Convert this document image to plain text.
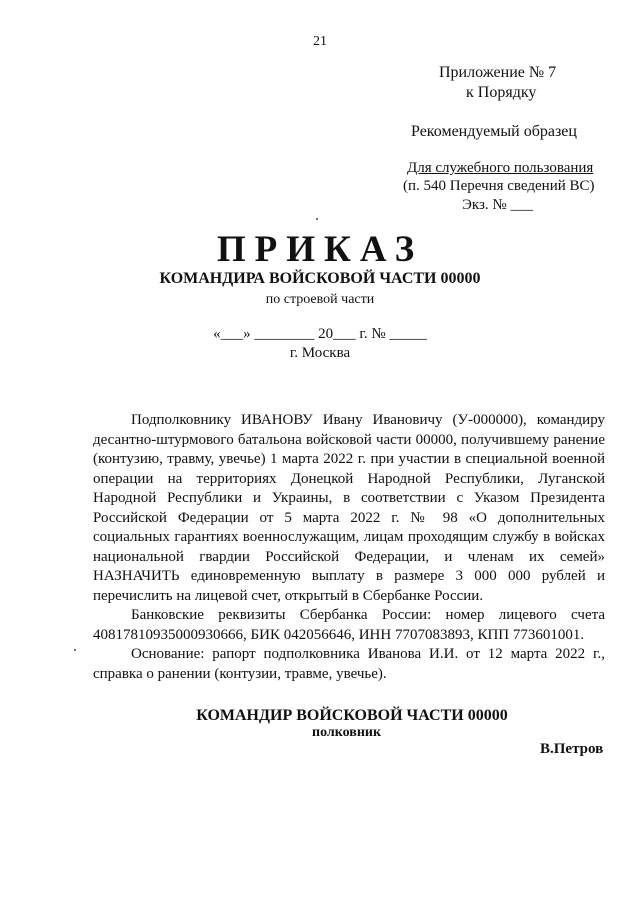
21
Приложение № 7
к Порядку
Рекомендуемый образец
Для служебного пользования
(п. 540 Перечня сведений ВС)
Экз. № ___
ПРИКАЗ
КОМАНДИРА ВОЙСКОВОЙ ЧАСТИ 00000
по строевой части
«___» ________ 20___ г. № _____
г. Москва

Подполковнику ИВАНОВУ Ивану Ивановичу (У-000000), командиру десантно-штурмового батальона войсковой части 00000, получившему ранение (контузию, травму, увечье) 1 марта 2022 г. при участии в специальной военной операции на территориях Донецкой Народной Республики, Луганской Народной Республики и Украины, в соответствии с Указом Президента Российской Федерации от 5 марта 2022 г. № 98 «О дополнительных социальных гарантиях военнослужащим, лицам проходящим службу в войсках национальной гвардии Российской Федерации, и членам их семей» НАЗНАЧИТЬ единовременную выплату в размере 3 000 000 рублей и перечислить на лицевой счет, открытый в Сбербанке России.

Банковские реквизиты Сбербанка России: номер лицевого счета 40817810935000930666, БИК 042056646, ИНН 7707083893, КПП 773601001.

Основание: рапорт подполковника Иванова И.И. от 12 марта 2022 г., справка о ранении (контузии, травме, увечье).

КОМАНДИР ВОЙСКОВОЙ ЧАСТИ 00000
полковник
В.Петров
